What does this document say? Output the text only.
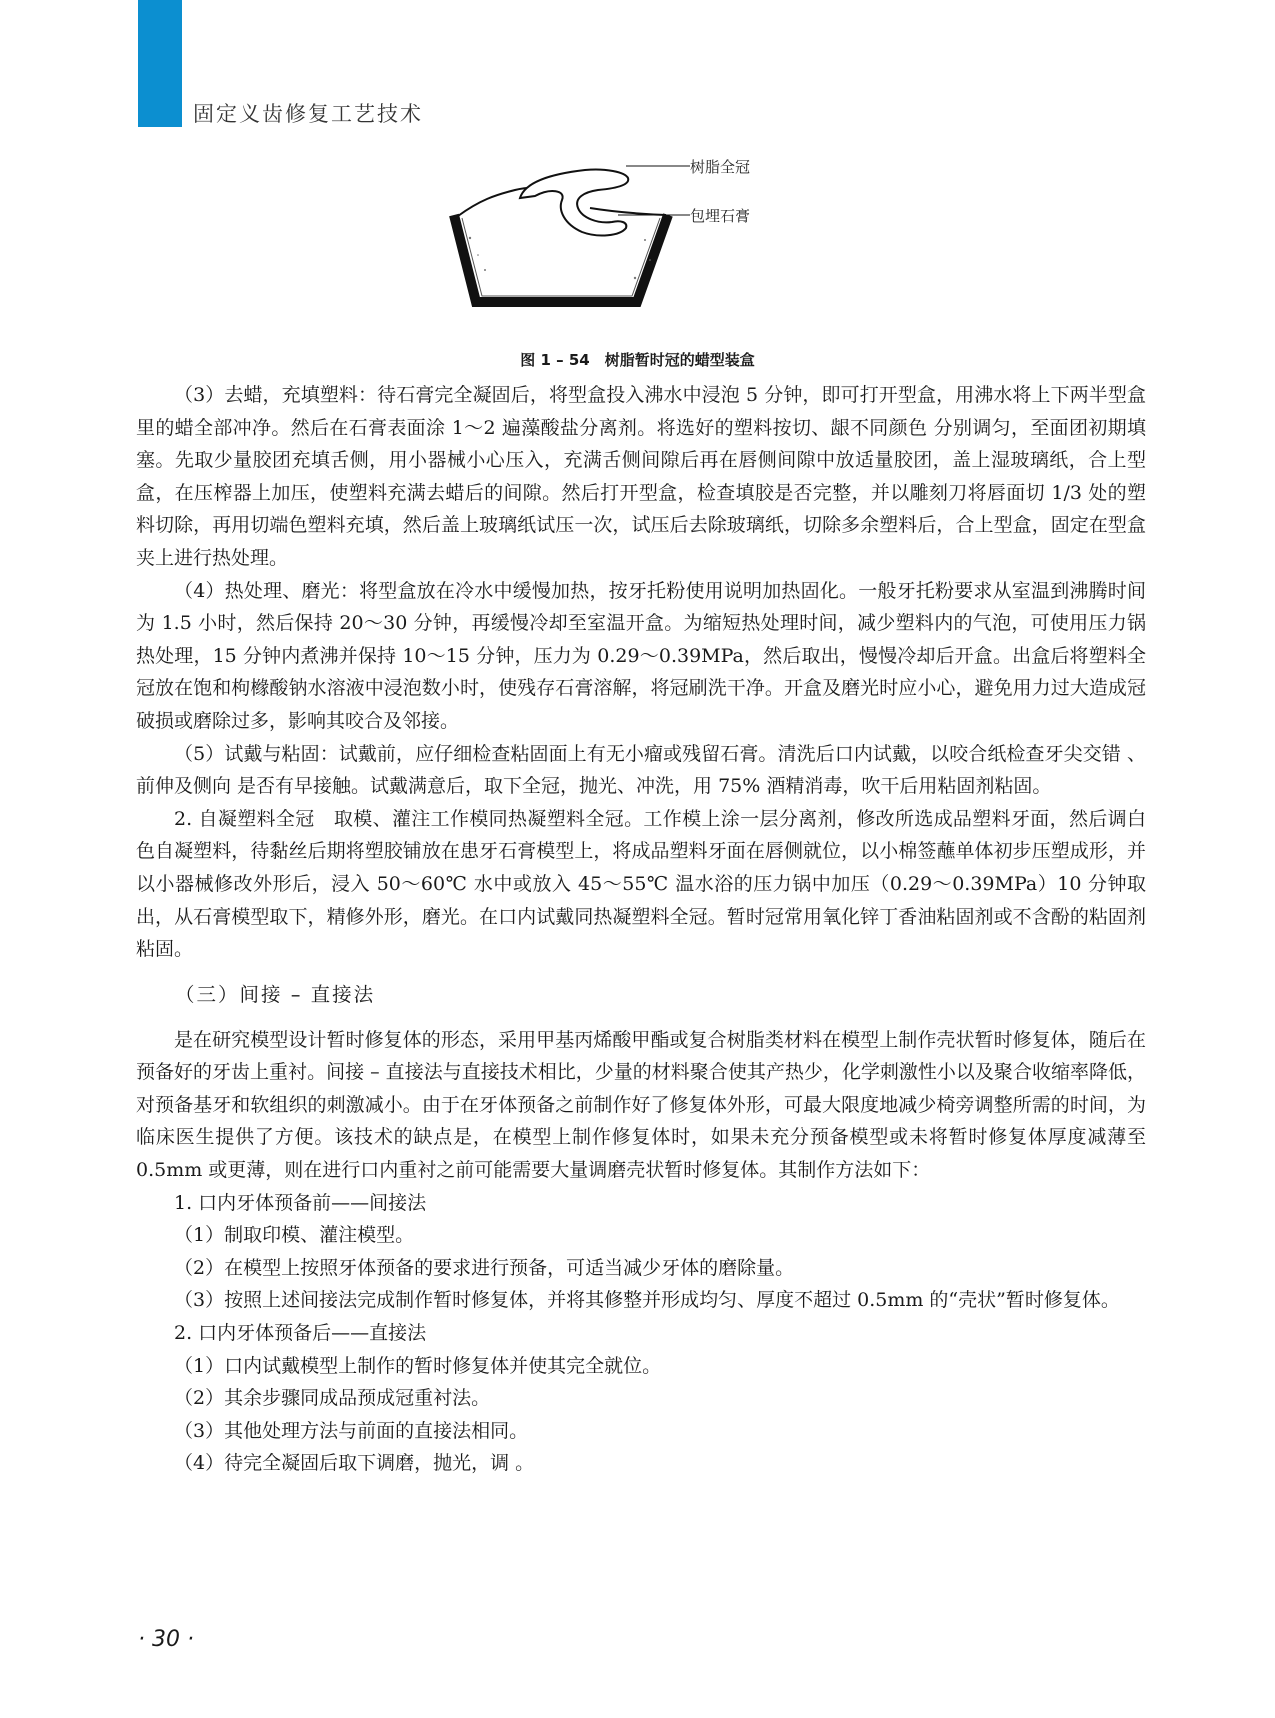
固定义齿修复工艺技术
树脂全冠
包埋石膏
图 1 – 54　树脂暂时冠的蜡型装盒

（3）去蜡，充填塑料：待石膏完全凝固后，将型盒投入沸水中浸泡 5 分钟，即可打开型盒，用沸水将上下两半型盒里的蜡全部冲净。然后在石膏表面涂 1～2 遍藻酸盐分离剂。将选好的塑料按切、龈不同颜色 分别调匀，至面团初期填塞。先取少量胶团充填舌侧，用小器械小心压入，充满舌侧间隙后再在唇侧间隙中放适量胶团，盖上湿玻璃纸，合上型盒，在压榨器上加压，使塑料充满去蜡后的间隙。然后打开型盒，检查填胶是否完整，并以雕刻刀将唇面切 1/3 处的塑料切除，再用切端色塑料充填，然后盖上玻璃纸试压一次，试压后去除玻璃纸，切除多余塑料后，合上型盒，固定在型盒夹上进行热处理。

（4）热处理、磨光：将型盒放在冷水中缓慢加热，按牙托粉使用说明加热固化。一般牙托粉要求从室温到沸腾时间为 1.5 小时，然后保持 20～30 分钟，再缓慢冷却至室温开盒。为缩短热处理时间，减少塑料内的气泡，可使用压力锅热处理，15 分钟内煮沸并保持 10～15 分钟，压力为 0.29～0.39MPa，然后取出，慢慢冷却后开盒。出盒后将塑料全冠放在饱和枸橼酸钠水溶液中浸泡数小时，使残存石膏溶解，将冠刷洗干净。开盒及磨光时应小心，避免用力过大造成冠破损或磨除过多，影响其咬合及邻接。

（5）试戴与粘固：试戴前，应仔细检查粘固面上有无小瘤或残留石膏。清洗后口内试戴，以咬合纸检查牙尖交错 、前伸及侧向 是否有早接触。试戴满意后，取下全冠，抛光、冲洗，用 75% 酒精消毒，吹干后用粘固剂粘固。

2. 自凝塑料全冠　取模、灌注工作模同热凝塑料全冠。工作模上涂一层分离剂，修改所选成品塑料牙面，然后调白色自凝塑料，待黏丝后期将塑胶铺放在患牙石膏模型上，将成品塑料牙面在唇侧就位，以小棉签蘸单体初步压塑成形，并以小器械修改外形后，浸入 50～60℃ 水中或放入 45～55℃ 温水浴的压力锅中加压（0.29～0.39MPa）10 分钟取出，从石膏模型取下，精修外形，磨光。在口内试戴同热凝塑料全冠。暂时冠常用氧化锌丁香油粘固剂或不含酚的粘固剂粘固。

（三）间接 – 直接法

是在研究模型设计暂时修复体的形态，采用甲基丙烯酸甲酯或复合树脂类材料在模型上制作壳状暂时修复体，随后在预备好的牙齿上重衬。间接 – 直接法与直接技术相比，少量的材料聚合使其产热少，化学刺激性小以及聚合收缩率降低，对预备基牙和软组织的刺激减小。由于在牙体预备之前制作好了修复体外形，可最大限度地减少椅旁调整所需的时间，为临床医生提供了方便。该技术的缺点是，在模型上制作修复体时，如果未充分预备模型或未将暂时修复体厚度减薄至 0.5mm 或更薄，则在进行口内重衬之前可能需要大量调磨壳状暂时修复体。其制作方法如下：

1. 口内牙体预备前——间接法

（1）制取印模、灌注模型。

（2）在模型上按照牙体预备的要求进行预备，可适当减少牙体的磨除量。

（3）按照上述间接法完成制作暂时修复体，并将其修整并形成均匀、厚度不超过 0.5mm 的“壳状”暂时修复体。

2. 口内牙体预备后——直接法

（1）口内试戴模型上制作的暂时修复体并使其完全就位。

（2）其余步骤同成品预成冠重衬法。

（3）其他处理方法与前面的直接法相同。

（4）待完全凝固后取下调磨，抛光，调 。

· 30 ·
